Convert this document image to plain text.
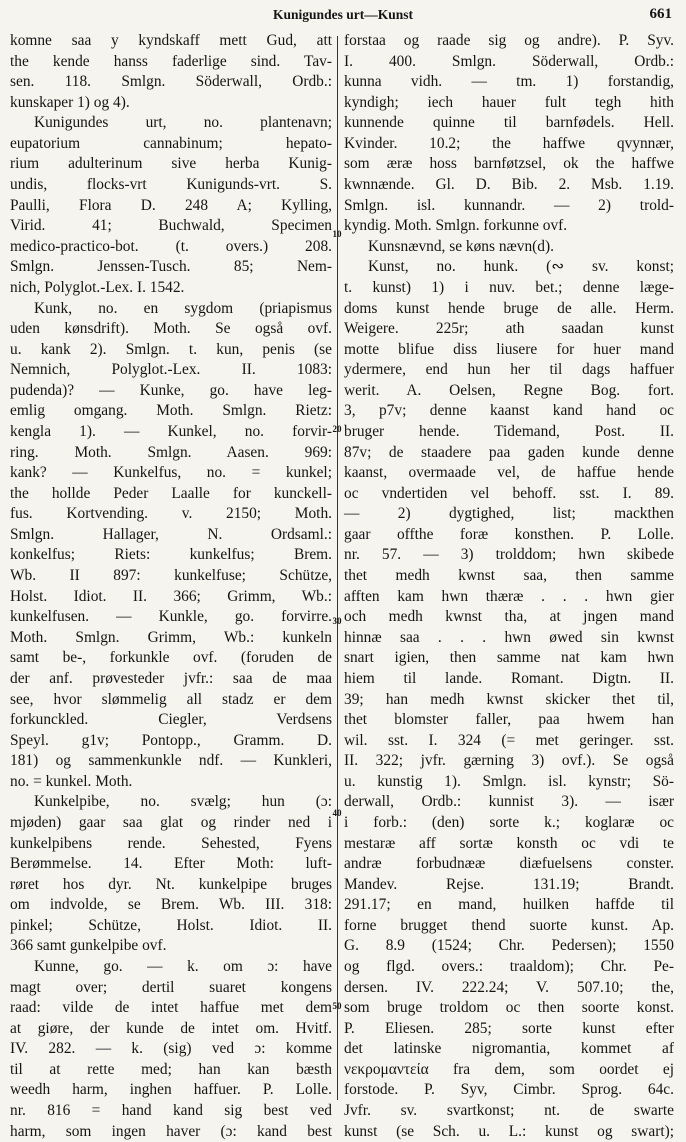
Kunigundes urt—Kunst	661
komne saa y kyndskaff mett Gud, att
the kende hanss faderlige sind. Tav-
sen. 118. Smlgn. Söderwall, Ordb.:
kunskaper 1) og 4).
Kunigundes urt, no. plantenavn;
eupatorium cannabinum; hepato-
rium adulterinum sive herba Kunig-
undis, flocks-vrt Kunigunds-vrt. S.
Paulli, Flora D. 248 A; Kylling,
Virid. 41; Buchwald, Specimen
medico-practico-bot. (t. overs.) 208.
Smlgn. Jenssen-Tusch. 85; Nem-
nich, Polyglot.-Lex. I. 1542.
Kunk, no. en sygdom (priapismus
uden kønsdrift). Moth. Se også ovf.
u. kank 2). Smlgn. t. kun, penis (se
Nemnich, Polyglot.-Lex. II. 1083:
pudenda)? — Kunke, go. have leg-
emlig omgang. Moth. Smlgn. Rietz:
kengla 1). — Kunkel, no. forvir-
ring. Moth. Smlgn. Aasen. 969:
kank? — Kunkelfus, no. = kunkel;
the hollde Peder Laalle for kunckell-
fus. Kortvending. v. 2150; Moth.
Smlgn. Hallager, N. Ordsaml.:
konkelfus; Riets: kunkelfus; Brem.
Wb. II 897: kunkelfuse; Schütze,
Holst. Idiot. II. 366; Grimm, Wb.:
kunkelfusen. — Kunkle, go. forvirre.
Moth. Smlgn. Grimm, Wb.: kunkeln
samt be-, forkunkle ovf. (foruden de
der anf. prøvesteder jvfr.: saa de maa
see, hvor slømmelig all stadz er dem
forkunckled. Ciegler, Verdsens
Speyl. g1v; Pontopp., Gramm. D.
181) og sammenkunkle ndf. — Kunkleri,
no. = kunkel. Moth.
Kunkelpibe, no. svælg; hun (ɔ:
mjøden) gaar saa glat og rinder ned i
kunkelpibens rende. Sehested, Fyens
Berømmelse. 14. Efter Moth: luft-
røret hos dyr. Nt. kunkelpipe bruges
om indvolde, se Brem. Wb. III. 318:
pinkel; Schütze, Holst. Idiot. II.
366 samt gunkelpibe ovf.
Kunne, go. — k. om ɔ: have
magt over; dertil suaret kongens
raad: vilde de intet haffue met dem
at giøre, der kunde de intet om. Hvitf.
IV. 282. — k. (sig) ved ɔ: komme
til at rette med; han kan bæsth
weedh harm, inghen haffuer. P. Lolle.
nr. 816 = hand kand sig best ved
harm, som ingen haver (ɔ: kand best
forstaa og raade sig og andre). P. Syv.
I. 400. Smlgn. Söderwall, Ordb.:
kunna vidh. — tm. 1) forstandig,
kyndigh; iech hauer fult tegh hith
kunnende quinne til barnfødels. Hell.
Kvinder. 10.2; the haffwe qvynnær,
som æræ hoss barnføtzsel, ok the haffwe
kwnnænde. Gl. D. Bib. 2. Msb. 1.19.
Smlgn. isl. kunnandr. — 2) trold-
kyndig. Moth. Smlgn. forkunne ovf.
Kunsnævnd, se køns nævn(d).
Kunst, no. hunk. (∾ sv. konst;
t. kunst) 1) i nuv. bet.; denne læge-
doms kunst hende bruge de alle. Herm.
Weigere. 225r; ath saadan kunst
motte blifue diss liusere for huer mand
ydermere, end hun her til dags haffuer
werit. A. Oelsen, Regne Bog. fort.
3, p7v; denne kaanst kand hand oc
bruger hende. Tidemand, Post. II.
87v; de staadere paa gaden kunde denne
kaanst, overmaade vel, de haffue hende
oc vndertiden vel behoff. sst. I. 89.
— 2) dygtighed, list; mackthen
gaar offthe foræ konsthen. P. Lolle.
nr. 57. — 3) trolddom; hwn skibede
thet medh kwnst saa, then samme
afften kam hwn thæræ . . . hwn gier
och medh kwnst tha, at jngen mand
hinnæ saa . . . hwn øwed sin kwnst
snart igien, then samme nat kam hwn
hiem til lande. Romant. Digtn. II.
39; han medh kwnst skicker thet til,
thet blomster faller, paa hwem han
wil. sst. I. 324 (= met geringer. sst.
II. 322; jvfr. gærning 3) ovf.). Se også
u. kunstig 1). Smlgn. isl. kynstr; Sö-
derwall, Ordb.: kunnist 3). — især
i forb.: (den) sorte k.; koglaræ oc
mestaræ aff sortæ konsth oc vdi te
andræ forbudnææ diæfuelsens conster.
Mandev. Rejse. 131.19; Brandt.
291.17; en mand, huilken haffde til
forne brugget thend suorte kunst. Ap.
G. 8.9 (1524; Chr. Pedersen); 1550
og flgd. overs.: traaldom); Chr. Pe-
dersen. IV. 222.24; V. 507.10; the,
som bruge troldom oc then soorte konst.
P. Eliesen. 285; sorte kunst efter
det latinske nigromantia, kommet af
νεκρομαντεία fra dem, som oordet ej
forstode. P. Syv, Cimbr. Sprog. 64c.
Jvfr. sv. svartkonst; nt. de swarte
kunst (se Sch. u. L.: kunst og swart);
10
20
30
40
50
